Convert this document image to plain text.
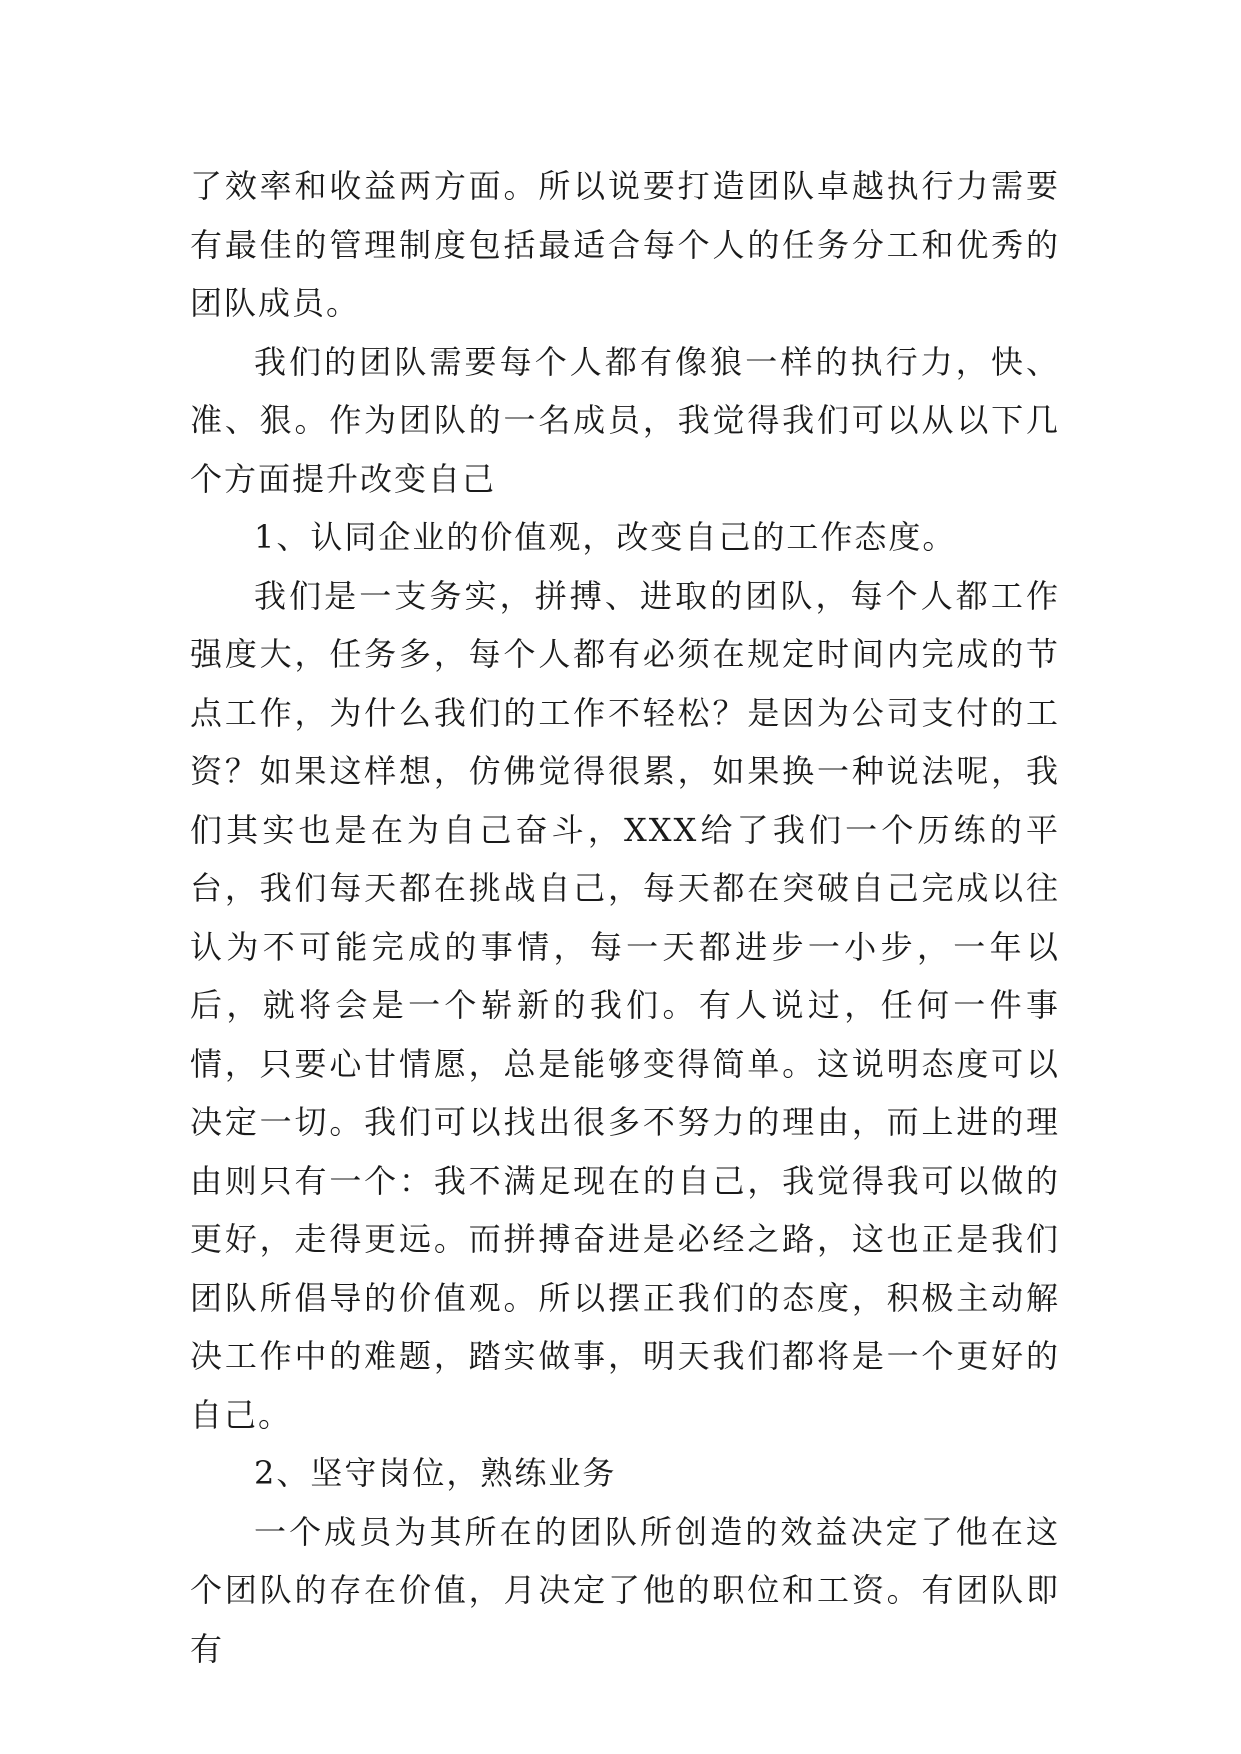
了效率和收益两方面。所以说要打造团队卓越执行力需要有最佳的管理制度包括最适合每个人的任务分工和优秀的团队成员。

我们的团队需要每个人都有像狼一样的执行力，快、准、狠。作为团队的一名成员，我觉得我们可以从以下几个方面提升改变自己

1、认同企业的价值观，改变自己的工作态度。

我们是一支务实，拼搏、进取的团队，每个人都工作强度大，任务多，每个人都有必须在规定时间内完成的节点工作，为什么我们的工作不轻松？是因为公司支付的工资？如果这样想，仿佛觉得很累，如果换一种说法呢，我们其实也是在为自己奋斗，XXX给了我们一个历练的平台，我们每天都在挑战自己，每天都在突破自己完成以往认为不可能完成的事情，每一天都进步一小步，一年以后，就将会是一个崭新的我们。有人说过，任何一件事情，只要心甘情愿，总是能够变得简单。这说明态度可以决定一切。我们可以找出很多不努力的理由，而上进的理由则只有一个：我不满足现在的自己，我觉得我可以做的更好，走得更远。而拼搏奋进是必经之路，这也正是我们团队所倡导的价值观。所以摆正我们的态度，积极主动解决工作中的难题，踏实做事，明天我们都将是一个更好的自己。

2、坚守岗位，熟练业务

一个成员为其所在的团队所创造的效益决定了他在这个团队的存在价值，月决定了他的职位和工资。有团队即有
